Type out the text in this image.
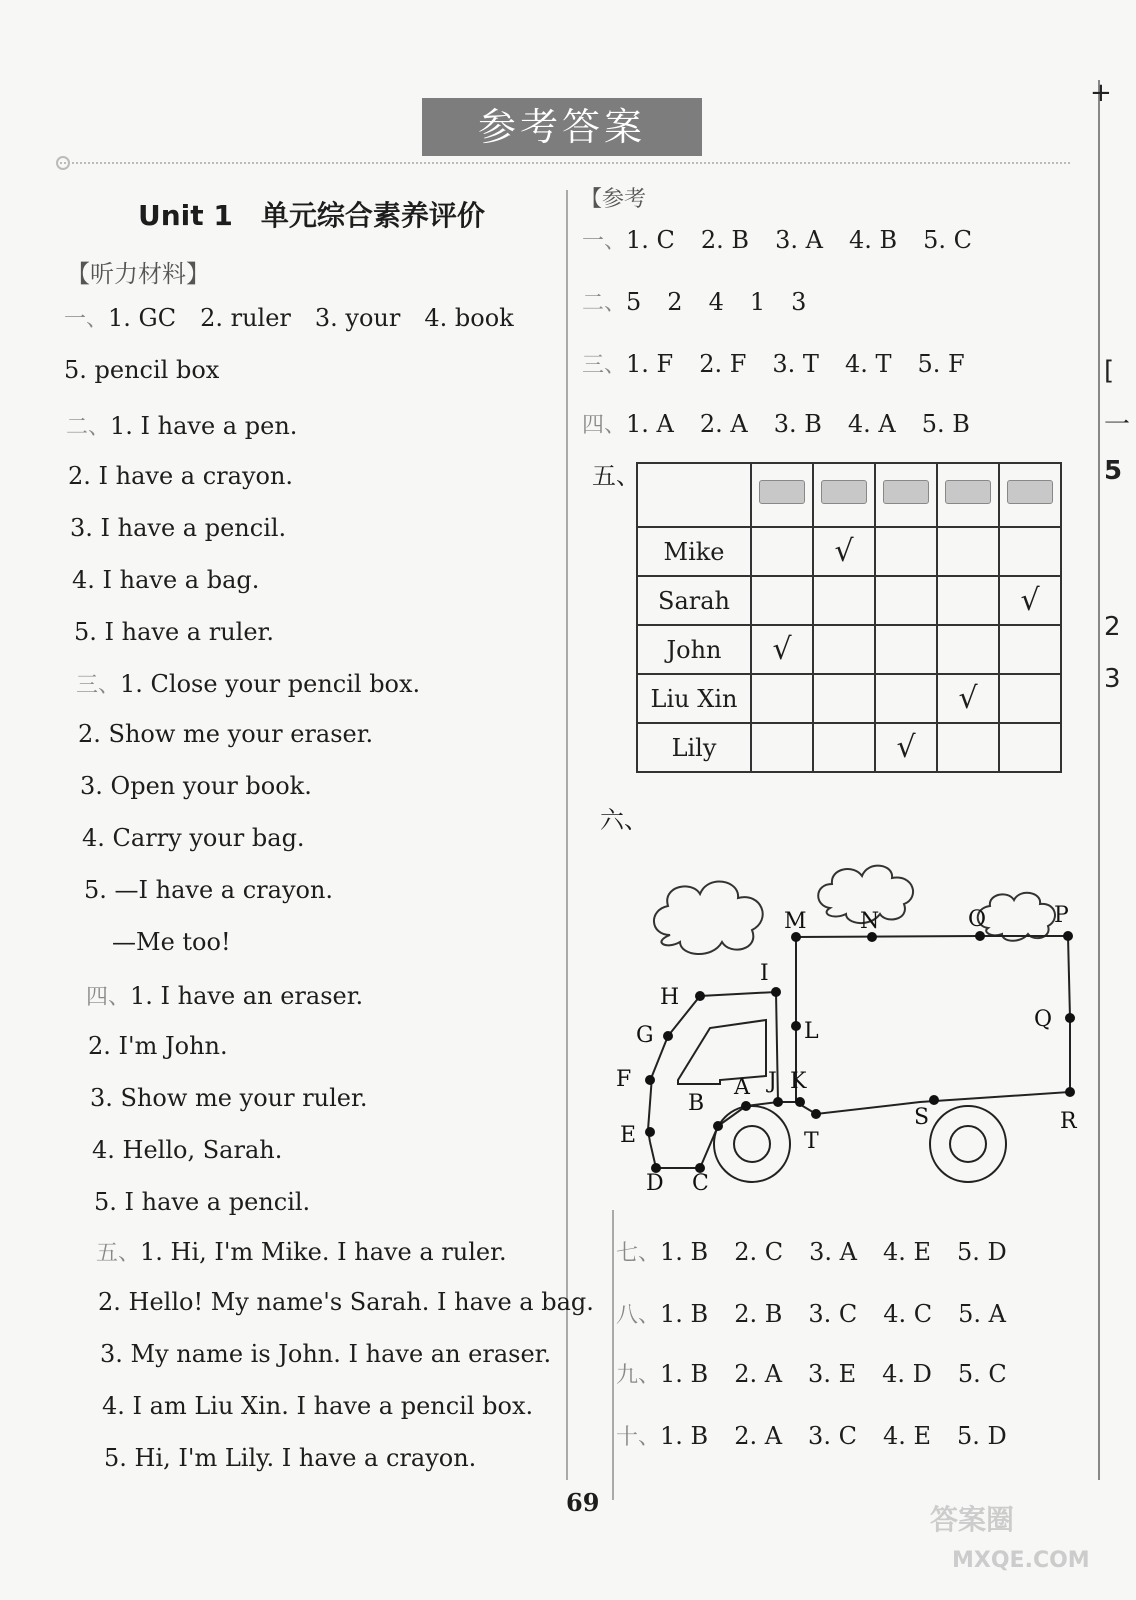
参考答案
+
[
一
5
2
3
Unit 1　单元综合素养评价
【听力材料】
一、1. GC　2. ruler　3. your　4. book
5. pencil box
二、1. I have a pen.
2. I have a crayon.
3. I have a pencil.
4. I have a bag.
5. I have a ruler.
三、1. Close your pencil box.
2. Show me your eraser.
3. Open your book.
4. Carry your bag.
5. —I have a crayon.
—Me too!
四、1. I have an eraser.
2. I'm John.
3. Show me your ruler.
4. Hello, Sarah.
5. I have a pencil.
五、1. Hi, I'm Mike. I have a ruler.
2. Hello! My name's Sarah. I have a bag.
3. My name is John. I have an eraser.
4. I am Liu Xin. I have a pencil box.
5. Hi, I'm Lily. I have a crayon.
【参考
一、1. C 2. B 3. A 4. B 5. C
二、5 2 4 1 3
三、1. F 2. F 3. T 4. T 5. F
四、1. A 2. A 3. B 4. A 5. B
五、

Mike		√			
Sarah					√
John	√				
Liu Xin				√	
Lily			√		
六、
A
B
C
D
E
F
G
H
I
J K
L
M N	O	P
Q
R
S
T
七、1. B 2. C 3. A 4. E 5. D
八、1. B 2. B 3. C 4. C 5. A
九、1. B 2. A 3. E 4. D 5. C
十、1. B 2. A 3. C 4. E 5. D
69
答案圈
MXQE.COM
